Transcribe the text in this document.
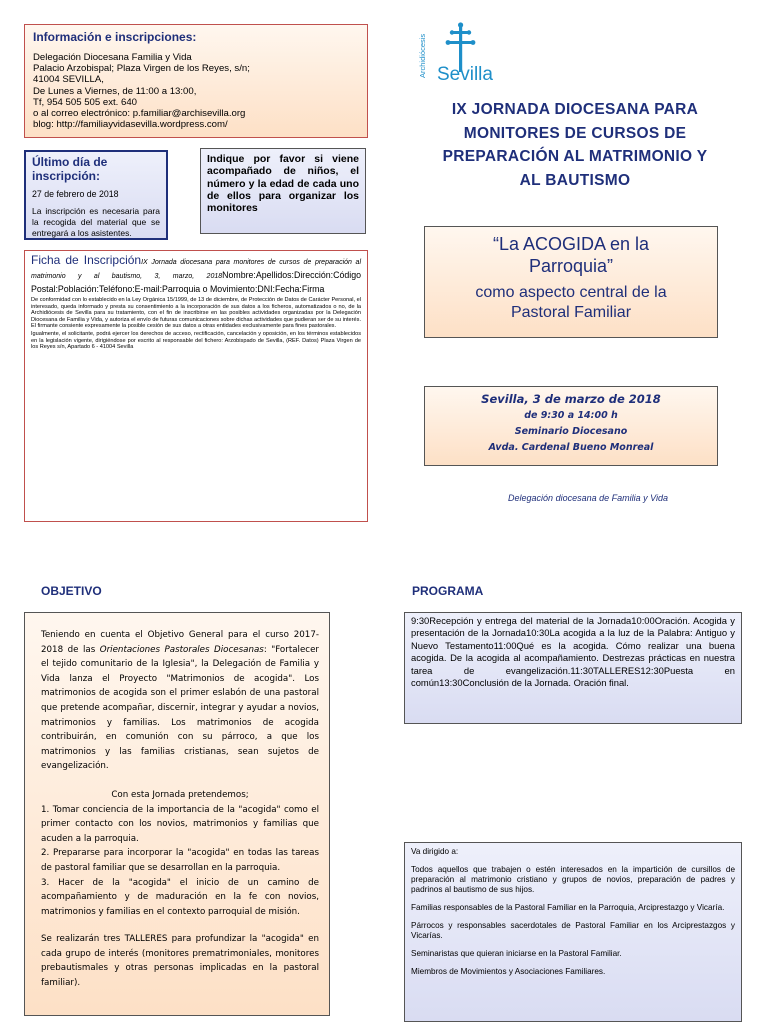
Información e inscripciones:
Delegación Diocesana Familia y Vida
Palacio Arzobispal; Plaza Virgen de los Reyes, s/n;
41004 SEVILLA,
De Lunes a Viernes, de 11:00 a 13:00,
Tf, 954 505 505 ext. 640
o al correo electrónico: p.familiar@archisevilla.org
blog: http://familiayvidasevilla.wordpress.com/
Último día de inscripción:
27 de febrero de 2018
La inscripción es necesaria para la recogida del material que se entregará a los asistentes.
Indique por favor si viene acompañado de niños, el número y la edad de cada uno de ellos para organizar los monitores
Ficha de InscripciónIX Jornada diocesana para monitores de cursos de preparación al matrimonio y al bautismo, 3, marzo, 2018Nombre:Apellidos:Dirección:Código Postal:Población:Teléfono:E-mail:Parroquia o Movimiento:DNI:Fecha:Firma

De conformidad con lo establecido en la Ley Orgánica 15/1999, de 13 de diciembre, de Protección de Datos de Carácter Personal, el interesado, queda informado y presta su consentimiento a la incorporación de sus datos a los ficheros, automatizados o no, de la Archidiócesis de Sevilla para su tratamiento, con el fin de inscribirse en las posibles actividades organizadas por la Delegación Diocesana de Familia y Vida, y autoriza el envío de futuras comunicaciones sobre dichas actividades que pudieran ser de su interés. El firmante consiente expresamente la posible cesión de sus datos a otras entidades exclusivamente para fines pastorales.

Igualmente, el solicitante, podrá ejercer los derechos de acceso, rectificación, cancelación y oposición, en los términos establecidos en la legislación vigente, dirigiéndose por escrito al responsable del fichero: Arzobispado de Sevilla, (REF. Datos) Plaza Virgen de los Reyes s/n, Apartado 6 - 41004 Sevilla

Archidiócesis Sevilla
IX JORNADA DIOCESANA PARA
MONITORES DE CURSOS DE
PREPARACIÓN AL MATRIMONIO Y
AL BAUTISMO
“La ACOGIDA en la
Parroquia”
como aspecto central de la
Pastoral Familiar
Sevilla, 3 de marzo de 2018
de 9:30 a 14:00 h
Seminario Diocesano
Avda. Cardenal Bueno Monreal
Delegación diocesana de Familia y Vida
OBJETIVO	PROGRAMA

Teniendo en cuenta el Objetivo General para el curso 2017-2018 de las Orientaciones Pastorales Diocesanas: "Fortalecer el tejido comunitario de la Iglesia", la Delegación de Familia y Vida lanza el Proyecto "Matrimonios de acogida". Los matrimonios de acogida son el primer eslabón de una pastoral que pretende acompañar, discernir, integrar y ayudar a novios, matrimonios y familias. Los matrimonios de acogida contribuirán, en comunión con su párroco, a que los matrimonios y las familias cristianas, sean sujetos de evangelización.

Con esta Jornada pretendemos;

1. Tomar conciencia de la importancia de la "acogida" como el primer contacto con los novios, matrimonios y familias que acuden a la parroquia.

2. Prepararse para incorporar la "acogida" en todas las tareas de pastoral familiar que se desarrollan en la parroquia.

3. Hacer de la "acogida" el inicio de un camino de acompañamiento y de maduración en la fe con novios, matrimonios y familias en el contexto parroquial de misión.

Se realizarán tres TALLERES para profundizar la "acogida" en cada grupo de interés (monitores prematrimoniales, monitores prebautismales y otras personas implicadas en la pastoral familiar).

9:30Recepción y entrega del material de la Jornada10:00Oración. Acogida y presentación de la Jornada10:30La acogida a la luz de la Palabra: Antiguo y Nuevo Testamento11:00Qué es la acogida. Cómo realizar una buena acogida. De la acogida al acompañamiento. Destrezas prácticas en nuestra tarea de evangelización.11:30TALLERES12:30Puesta en común13:30Conclusión de la Jornada. Oración final.
Va dirigido a:
Todos aquellos que trabajen o estén interesados en la impartición de cursillos de preparación al matrimonio cristiano y grupos de novios, preparación de padres y padrinos al bautismo de sus hijos.
Familias responsables de la Pastoral Familiar en la Parroquia, Arciprestazgo y Vicaría.
Párrocos y responsables sacerdotales de Pastoral Familiar en los Arciprestazgos y Vicarías.
Seminaristas que quieran iniciarse en la Pastoral Familiar.
Miembros de Movimientos y Asociaciones Familiares.
